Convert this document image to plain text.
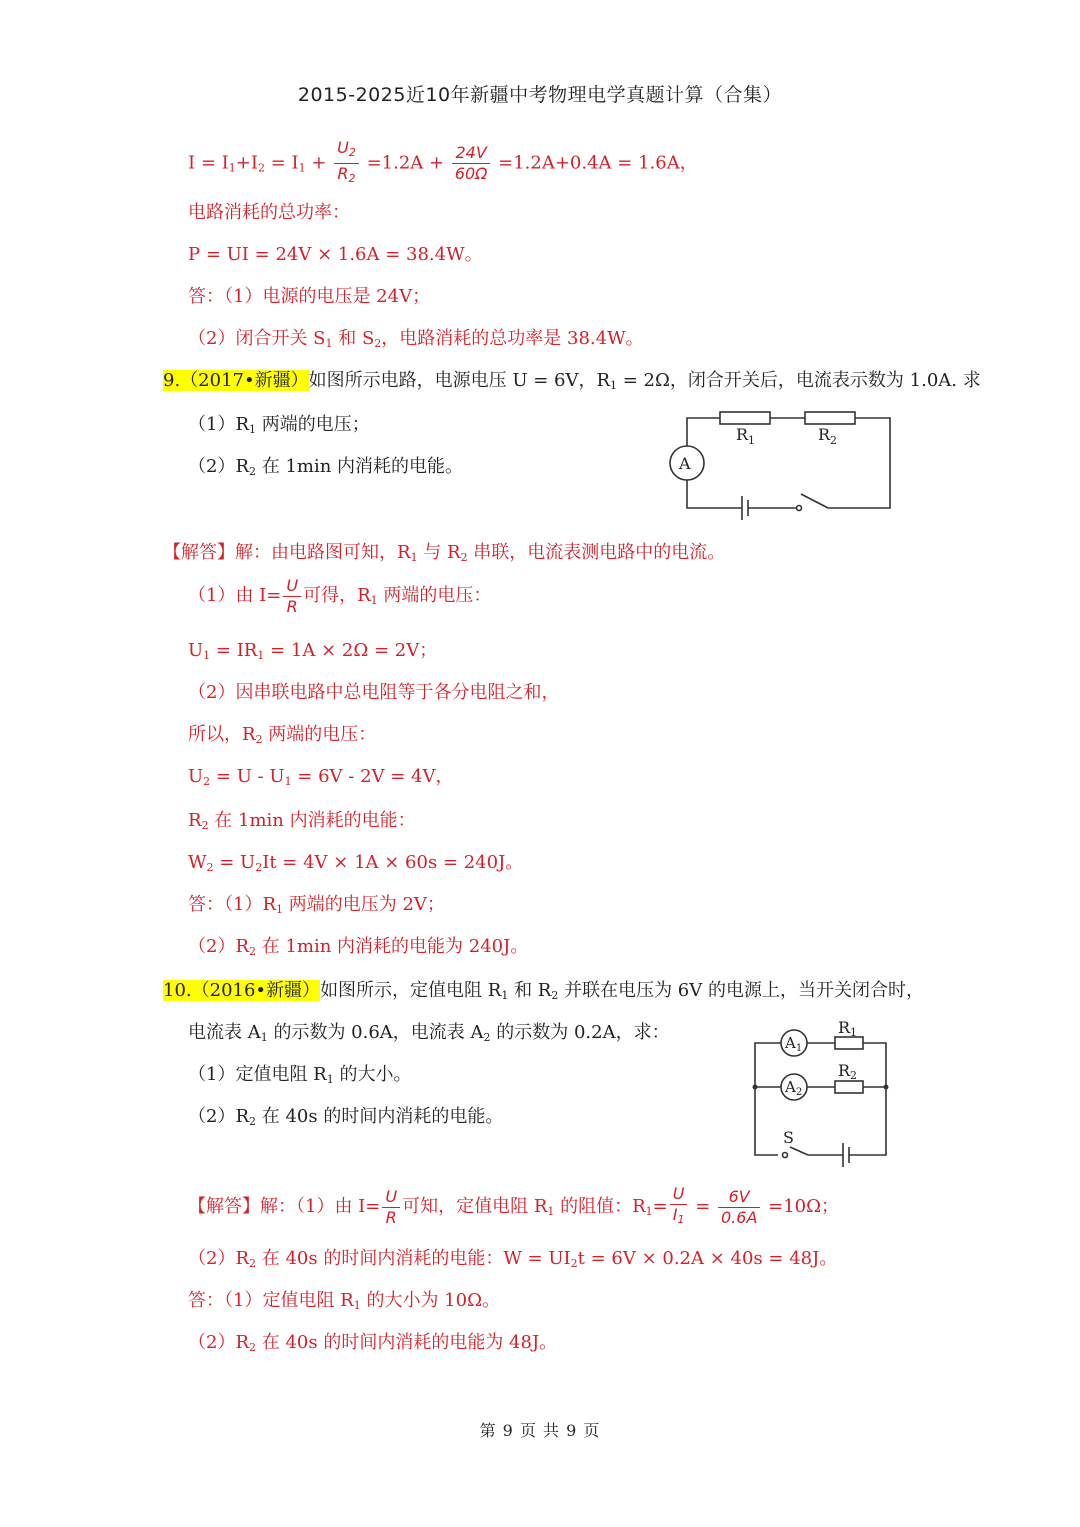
2015-2025近10年新疆中考物理电学真题计算（合集）
$I = I_1+I_2 = I_1 + \frac{U_2}{R_2} =1.2A + \frac{24V}{60\Omega} =1.2A+0.4A = 1.6A$，
电路消耗的总功率：
P = UI = 24V × 1.6A = 38.4W。
答：（1）电源的电压是 24V；
（2）闭合开关 $S_1$ 和 $S_2$，电路消耗的总功率是 38.4W。
9.（2017•新疆）如图所示电路，电源电压 U = 6V，$R_1 = 2\Omega$，闭合开关后，电流表示数为 1.0A. 求
$(1)R_1$ 两端的电压；
$(2)R_2$ 在 1min 内消耗的电能。	A
$R_1$	$R_2$
【解答】解：由电路图可知，$R_1$ 与 $R_2$ 串联，电流表测电路中的电流。
（1）由 $I= \frac{U}{R}$ 可得，$R_1$ 两端的电压：
$U_1 = IR_1 = 1A \times 2\Omega = 2V$；
（2）因串联电路中总电阻等于各分电阻之和，
所以，$R_2$ 两端的电压：
$U_2 = U - U_1 = 6V - 2V = 4V$，
$R_2$ 在 1min 内消耗的电能：
$W_2 = U_2It = 4V \times 1A \times 60s = 240J$。
答：$(1)R_1$ 两端的电压为 2V；
$(2)R_2$ 在 1min 内消耗的电能为 240J。
10.（2016•新疆）如图所示，定值电阻 $R_1$ 和 $R_2$ 并联在电压为 6V 的电源上，当开关闭合时，
电流表 $A_1$ 的示数为 0.6A，电流表 $A_2$ 的示数为 0.2A，求：
（1）定值电阻 $R_1$ 的大小。
$(2)R_2$ 在 40s 的时间内消耗的电能。
$A_1$
$A_2$
R1
R2
S
【解答】解：（1）由 $I= \frac{U}{R}$ 可知，定值电阻 $R_1$ 的阻值：$R_1= \frac{U}{I_1} = \frac{6V}{0.6A} =10\Omega$；
$(2)R_2$ 在 40s 的时间内消耗的电能：$W = UI_2t = 6V \times 0.2A \times 40s = 48J$。
答：（1）定值电阻 $R_1$ 的大小为 10Ω。
$(2)R_2$ 在 40s 的时间内消耗的电能为 48J。
第 9 页 共 9 页
